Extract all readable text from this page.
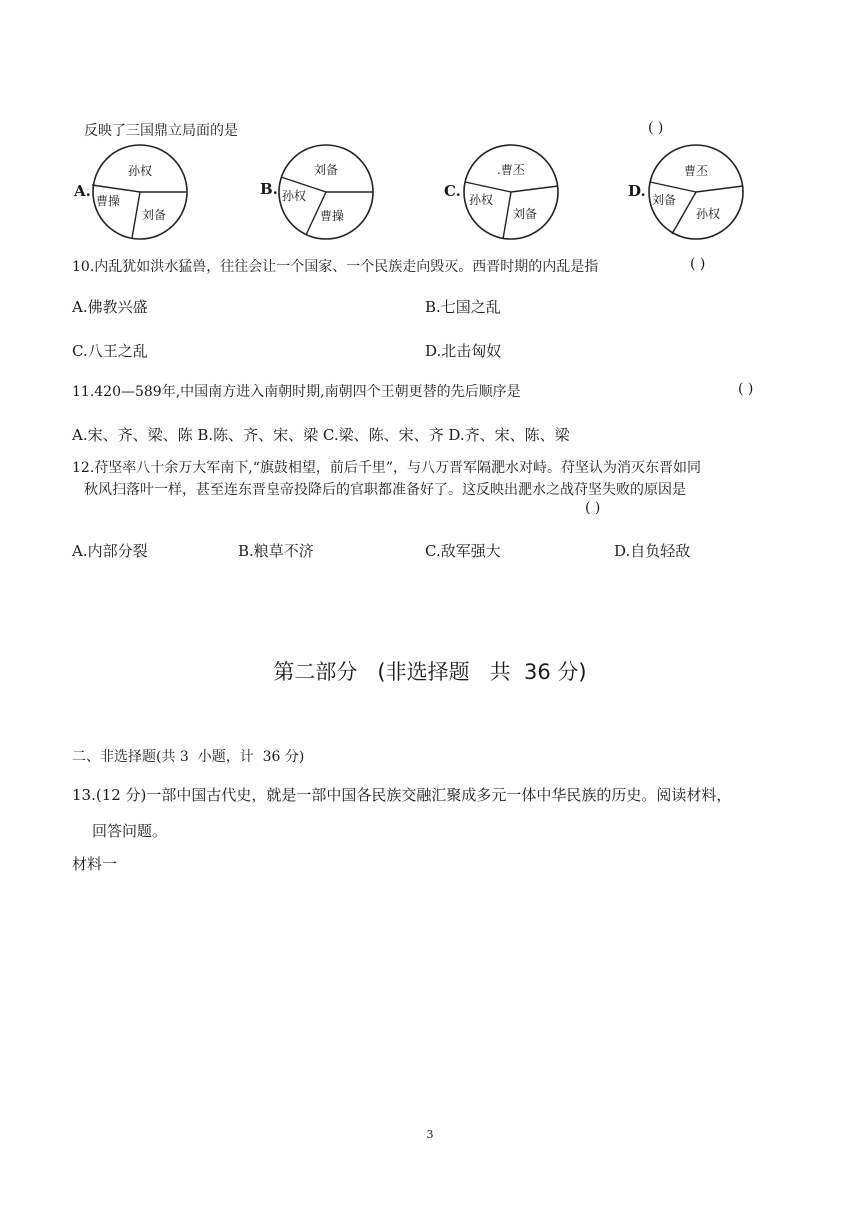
反映了三国鼎立局面的是	( )
A.
孙权
曹操
刘备
B.
刘备
孙权
曹操
C.
.曹丕
孙权
刘备
D.
曹丕
刘备
孙权
10.内乱犹如洪水猛兽，往往会让一个国家、一个民族走向毁灭。西晋时期的内乱是指	( )
A.佛教兴盛	B.七国之乱
C.八王之乱	D.北击匈奴
11.420—589年,中国南方进入南朝时期,南朝四个王朝更替的先后顺序是	( )
A.宋、齐、梁、陈 B.陈、齐、宋、梁 C.梁、陈、宋、齐 D.齐、宋、陈、梁
12.苻坚率八十余万大军南下,“旗鼓相望，前后千里”，与八万晋军隔淝水对峙。苻坚认为消灭东晋如同
秋风扫落叶一样，甚至连东晋皇帝投降后的官职都准备好了。这反映出淝水之战苻坚失败的原因是
( )
A.内部分裂	B.粮草不济	C.敌军强大	D.自负轻敌
第二部分   (非选择题   共  36 分)
二、非选择题(共 3  小题，计  36 分)
13.(12 分)一部中国古代史，就是一部中国各民族交融汇聚成多元一体中华民族的历史。阅读材料，
回答问题。
材料一
3
